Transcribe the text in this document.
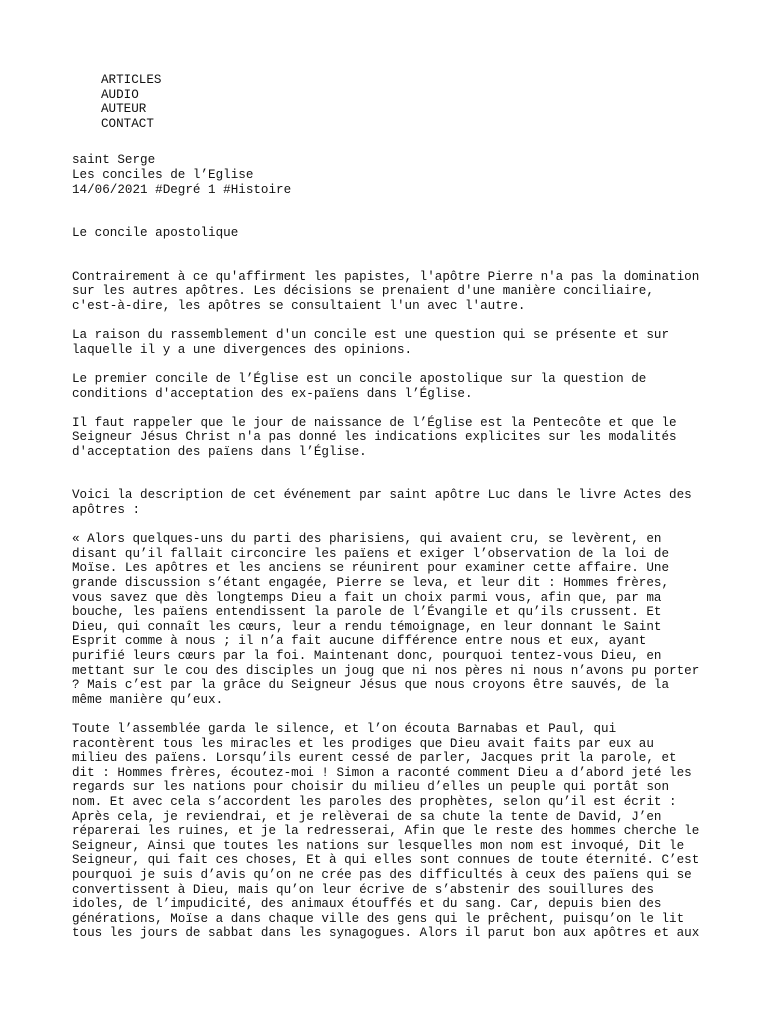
ARTICLES
AUDIO
AUTEUR
CONTACT
saint Serge
Les conciles de l’Eglise
14/06/2021 #Degré 1 #Histoire
Le concile apostolique

Contrairement à ce qu'affirment les papistes, l'apôtre Pierre n'a pas la domination
sur les autres apôtres. Les décisions se prenaient d'une manière conciliaire,
c'est-à-dire, les apôtres se consultaient l'un avec l'autre.

La raison du rassemblement d'un concile est une question qui se présente et sur
laquelle il y a une divergences des opinions.

Le premier concile de l’Église est un concile apostolique sur la question de
conditions d'acceptation des ex-païens dans l’Église.

Il faut rappeler que le jour de naissance de l’Église est la Pentecôte et que le
Seigneur Jésus Christ n'a pas donné les indications explicites sur les modalités
d'acceptation des païens dans l’Église.

Voici la description de cet événement par saint apôtre Luc dans le livre Actes des
apôtres :

« Alors quelques-uns du parti des pharisiens, qui avaient cru, se levèrent, en
disant qu’il fallait circoncire les païens et exiger l’observation de la loi de
Moïse. Les apôtres et les anciens se réunirent pour examiner cette affaire. Une
grande discussion s’étant engagée, Pierre se leva, et leur dit : Hommes frères,
vous savez que dès longtemps Dieu a fait un choix parmi vous, afin que, par ma
bouche, les païens entendissent la parole de l’Évangile et qu’ils crussent. Et
Dieu, qui connaît les cœurs, leur a rendu témoignage, en leur donnant le Saint
Esprit comme à nous ; il n’a fait aucune différence entre nous et eux, ayant
purifié leurs cœurs par la foi. Maintenant donc, pourquoi tentez-vous Dieu, en
mettant sur le cou des disciples un joug que ni nos pères ni nous n’avons pu porter
? Mais c’est par la grâce du Seigneur Jésus que nous croyons être sauvés, de la
même manière qu’eux.

Toute l’assemblée garda le silence, et l’on écouta Barnabas et Paul, qui
racontèrent tous les miracles et les prodiges que Dieu avait faits par eux au
milieu des païens. Lorsqu’ils eurent cessé de parler, Jacques prit la parole, et
dit : Hommes frères, écoutez-moi ! Simon a raconté comment Dieu a d’abord jeté les
regards sur les nations pour choisir du milieu d’elles un peuple qui portât son
nom. Et avec cela s’accordent les paroles des prophètes, selon qu’il est écrit :
Après cela, je reviendrai, et je relèverai de sa chute la tente de David, J’en
réparerai les ruines, et je la redresserai, Afin que le reste des hommes cherche le
Seigneur, Ainsi que toutes les nations sur lesquelles mon nom est invoqué, Dit le
Seigneur, qui fait ces choses, Et à qui elles sont connues de toute éternité. C’est
pourquoi je suis d’avis qu’on ne crée pas des difficultés à ceux des païens qui se
convertissent à Dieu, mais qu’on leur écrive de s’abstenir des souillures des
idoles, de l’impudicité, des animaux étouffés et du sang. Car, depuis bien des
générations, Moïse a dans chaque ville des gens qui le prêchent, puisqu’on le lit
tous les jours de sabbat dans les synagogues. Alors il parut bon aux apôtres et aux
